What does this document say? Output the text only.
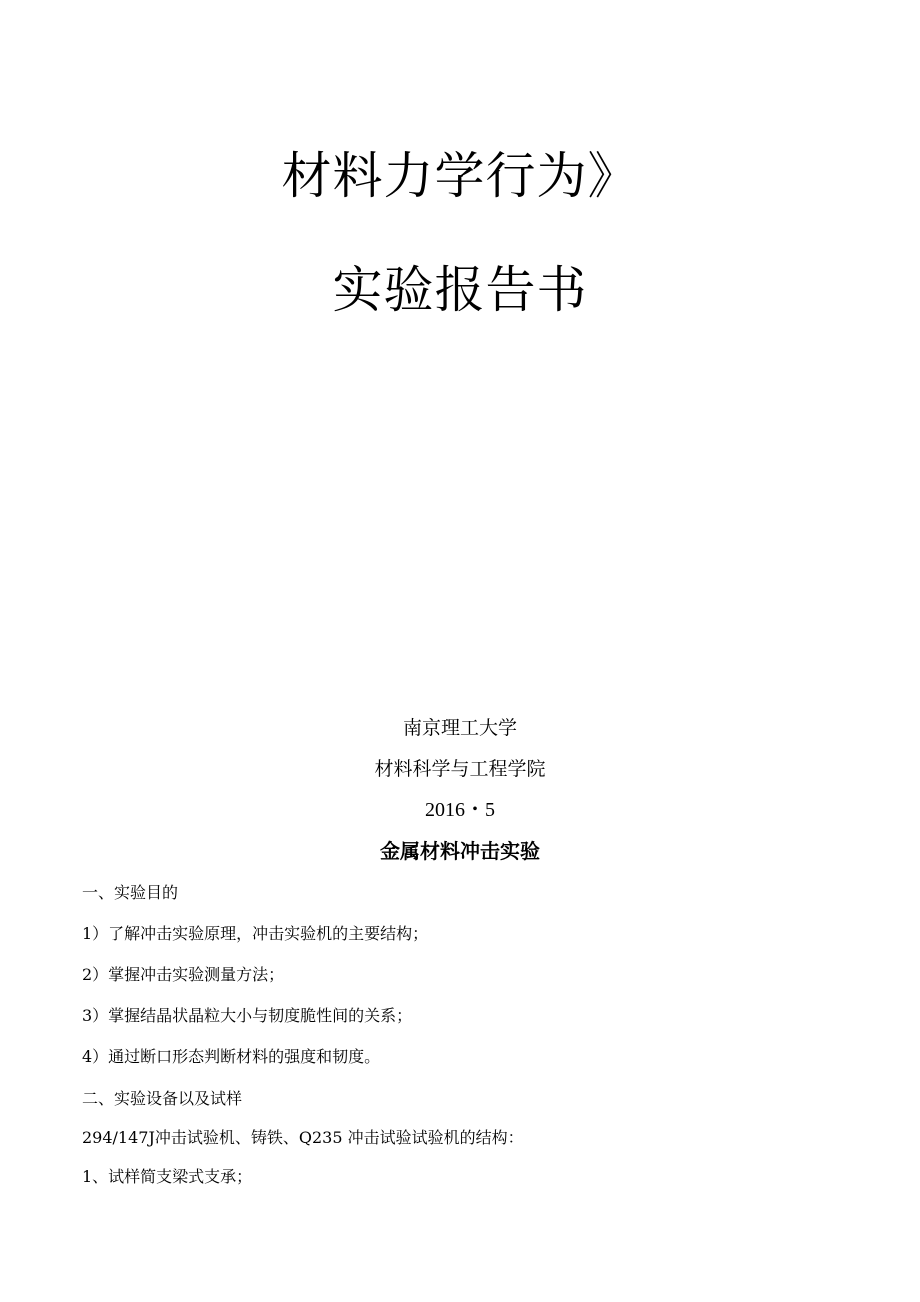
材料力学行为》
实验报告书
南京理工大学
材料科学与工程学院
2016・5
金属材料冲击实验
一、实验目的
1）了解冲击实验原理，冲击实验机的主要结构；
2）掌握冲击实验测量方法；
3）掌握结晶状晶粒大小与韧度脆性间的关系；
4）通过断口形态判断材料的强度和韧度。
二、实验设备以及试样
294/147J冲击试验机、铸铁、Q235 冲击试验试验机的结构：
1、试样简支梁式支承；
